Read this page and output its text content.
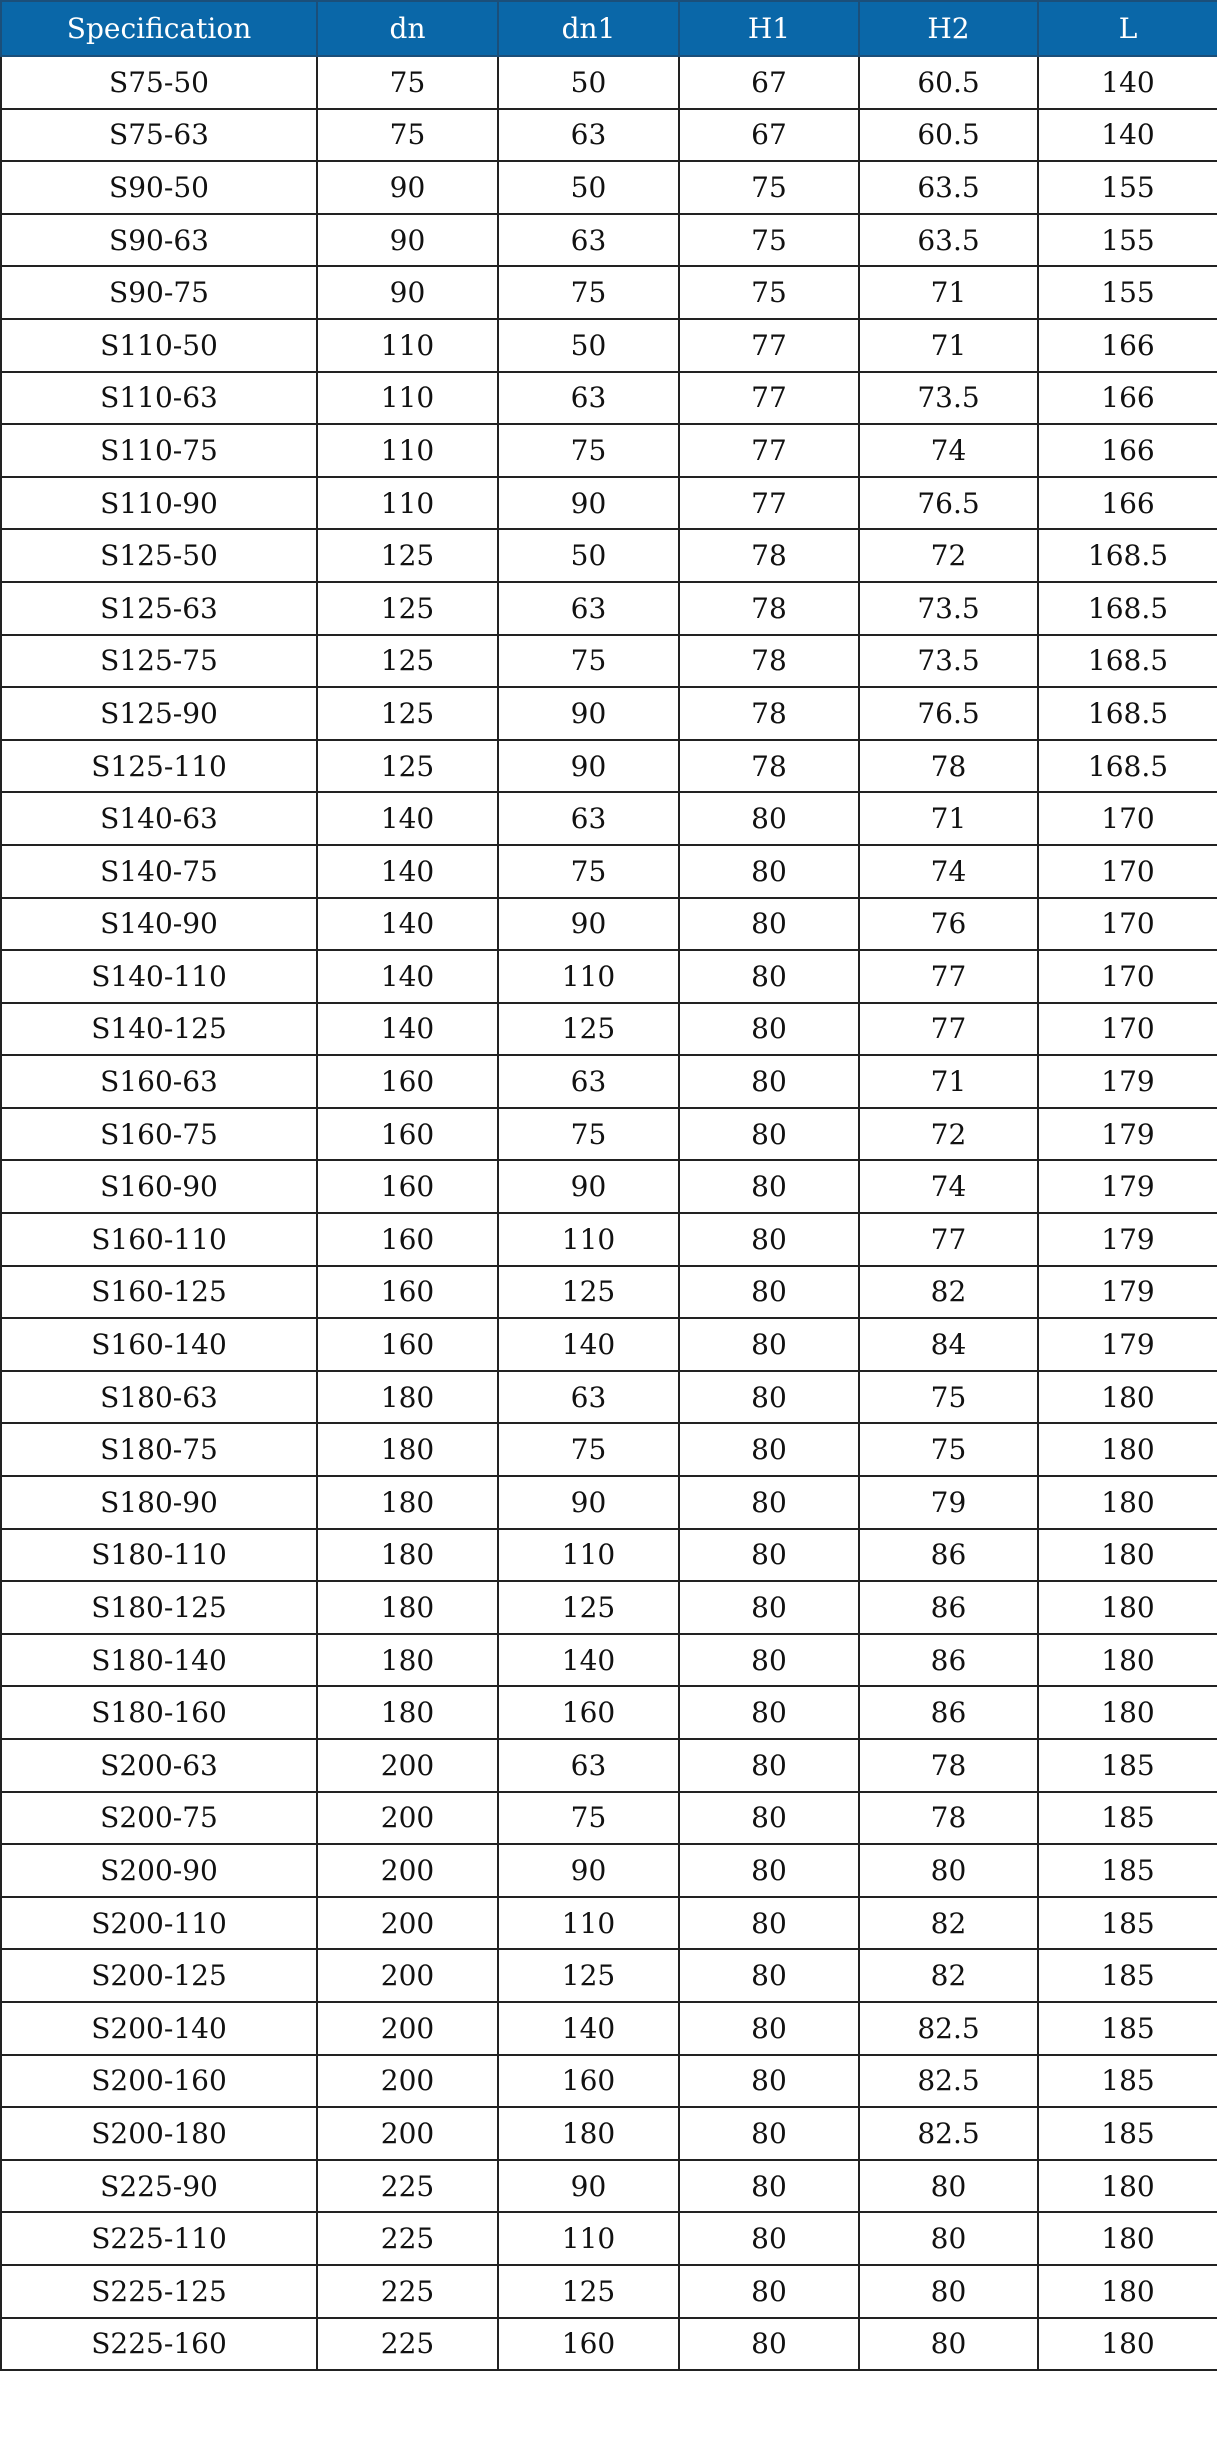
Specification	dn	dn1	H1	H2	L
S75-50	75	50	67	60.5	140
S75-63	75	63	67	60.5	140
S90-50	90	50	75	63.5	155
S90-63	90	63	75	63.5	155
S90-75	90	75	75	71	155
S110-50	110	50	77	71	166
S110-63	110	63	77	73.5	166
S110-75	110	75	77	74	166
S110-90	110	90	77	76.5	166
S125-50	125	50	78	72	168.5
S125-63	125	63	78	73.5	168.5
S125-75	125	75	78	73.5	168.5
S125-90	125	90	78	76.5	168.5
S125-110	125	90	78	78	168.5
S140-63	140	63	80	71	170
S140-75	140	75	80	74	170
S140-90	140	90	80	76	170
S140-110	140	110	80	77	170
S140-125	140	125	80	77	170
S160-63	160	63	80	71	179
S160-75	160	75	80	72	179
S160-90	160	90	80	74	179
S160-110	160	110	80	77	179
S160-125	160	125	80	82	179
S160-140	160	140	80	84	179
S180-63	180	63	80	75	180
S180-75	180	75	80	75	180
S180-90	180	90	80	79	180
S180-110	180	110	80	86	180
S180-125	180	125	80	86	180
S180-140	180	140	80	86	180
S180-160	180	160	80	86	180
S200-63	200	63	80	78	185
S200-75	200	75	80	78	185
S200-90	200	90	80	80	185
S200-110	200	110	80	82	185
S200-125	200	125	80	82	185
S200-140	200	140	80	82.5	185
S200-160	200	160	80	82.5	185
S200-180	200	180	80	82.5	185
S225-90	225	90	80	80	180
S225-110	225	110	80	80	180
S225-125	225	125	80	80	180
S225-160	225	160	80	80	180
